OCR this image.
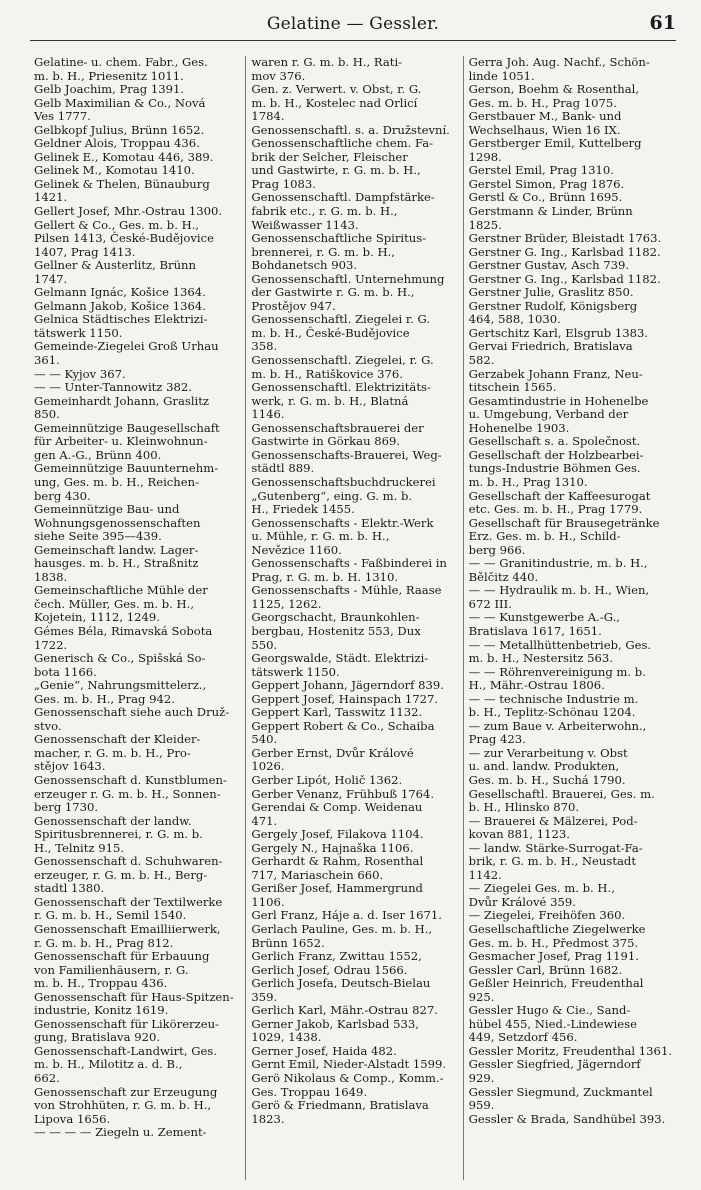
Gelatine — Gessler.	61
Gelatine- u. chem. Fabr., Ges.
m. b. H., Priesenitz 1011.
Gelb Joachim, Prag 1391.
Gelb Maximilian & Co., Nová
Ves 1777.
Gelbkopf Julius, Brünn 1652.
Geldner Alois, Troppau 436.
Gelinek E., Komotau 446, 389.
Gelinek M., Komotau 1410.
Gelinek & Thelen, Bünauburg
1421.
Gellert Josef, Mhr.-Ostrau 1300.
Gellert & Co., Ges. m. b. H.,
Pilsen 1413, České-Budějovice
1407, Prag 1413.
Gellner & Austerlitz, Brünn
1747.
Gelmann Ignác, Košice 1364.
Gelmann Jakob, Košice 1364.
Gelnica Städtisches Elektrizi-
tätswerk 1150.
Gemeinde-Ziegelei Groß Urhau
361.
— — Kyjov 367.
— — Unter-Tannowitz 382.
Gemeinhardt Johann, Graslitz
850.
Gemeinnützige Baugesellschaft
für Arbeiter- u. Kleinwohnun-
gen A.-G., Brünn 400.
Gemeinnützige Bauunternehm-
ung, Ges. m. b. H., Reichen-
berg 430.
Gemeinnützige Bau- und
Wohnungsgenossenschaften
siehe Seite 395—439.
Gemeinschaft landw. Lager-
hausges. m. b. H., Straßnitz
1838.
Gemeinschaftliche Mühle der
čech. Müller, Ges. m. b. H.,
Kojetein, 1112, 1249.
Gémes Béla, Rimavská Sobota
1722.
Generisch & Co., Spišská So-
bota 1166.
„Genie“, Nahrungsmittelerz.,
Ges. m. b. H., Prag 942.
Genossenschaft siehe auch Druž-
stvo.
Genossenschaft der Kleider-
macher, r. G. m. b. H., Pro-
stějov 1643.
Genossenschaft d. Kunstblumen-
erzeuger r. G. m. b. H., Sonnen-
berg 1730.
Genossenschaft der landw.
Spiritusbrennerei, r. G. m. b.
H., Telnitz 915.
Genossenschaft d. Schuhwaren-
erzeuger, r. G. m. b. H., Berg-
stadtl 1380.
Genossenschaft der Textilwerke
r. G. m. b. H., Semil 1540.
Genossenschaft Emailliierwerk,
r. G. m. b. H., Prag 812.
Genossenschaft für Erbauung
von Familienhäusern, r. G.
m. b. H., Troppau 436.
Genossenschaft für Haus-Spitzen-
industrie, Konitz 1619.
Genossenschaft für Likörerzeu-
gung, Bratislava 920.
Genossenschaft-Landwirt, Ges.
m. b. H., Milotitz a. d. B.,
662.
Genossenschaft zur Erzeugung
von Strohhüten, r. G. m. b. H.,
Lipova 1656.
— — — — Ziegeln u. Zement-
waren r. G. m. b. H., Rati-
mov 376.
Gen. z. Verwert. v. Obst, r. G.
m. b. H., Kostelec nad Orlicí
1784.
Genossenschaftl. s. a. Družstevní.
Genossenschaftliche chem. Fa-
brik der Selcher, Fleischer
und Gastwirte, r. G. m. b. H.,
Prag 1083.
Genossenschaftl. Dampfstärke-
fabrik etc., r. G. m. b. H.,
Weißwasser 1143.
Genossenschaftliche Spiritus-
brennerei, r. G. m. b. H.,
Bohdanetsch 903.
Genossenschaftl. Unternehmung
der Gastwirte r. G. m. b. H.,
Prostějov 947.
Genossenschaftl. Ziegelei r. G.
m. b. H., České-Budějovice
358.
Genossenschaftl. Ziegelei, r. G.
m. b. H., Ratiškovice 376.
Genossenschaftl. Elektrizitäts-
werk, r. G. m. b. H., Blatná
1146.
Genossenschaftsbrauerei der
Gastwirte in Görkau 869.
Genossenschafts-Brauerei, Weg-
städtl 889.
Genossenschaftsbuchdruckerei
„Gutenberg“, eing. G. m. b.
H., Friedek 1455.
Genossenschafts - Elektr.-Werk
u. Mühle, r. G. m. b. H.,
Nevězice 1160.
Genossenschafts - Faßbinderei in
Prag, r. G. m. b. H. 1310.
Genossenschafts - Mühle, Raase
1125, 1262.
Georgschacht, Braunkohlen-
bergbau, Hostenitz 553, Dux
550.
Georgswalde, Städt. Elektrizi-
tätswerk 1150.
Geppert Johann, Jägerndorf 839.
Geppert Josef, Hainspach 1727.
Geppert Karl, Tasswitz 1132.
Geppert Robert & Co., Schaiba
540.
Gerber Ernst, Dvůr Králové
1026.
Gerber Lipót, Holič 1362.
Gerber Venanz, Frühbuß 1764.
Gerendai & Comp. Weidenau
471.
Gergely Josef, Filakova 1104.
Gergely N., Hajnaška 1106.
Gerhardt & Rahm, Rosenthal
717, Mariaschein 660.
Gerißer Josef, Hammergrund
1106.
Gerl Franz, Háje a. d. Iser 1671.
Gerlach Pauline, Ges. m. b. H.,
Brünn 1652.
Gerlich Franz, Zwittau 1552,
Gerlich Josef, Odrau 1566.
Gerlich Josefa, Deutsch-Bielau
359.
Gerlich Karl, Mähr.-Ostrau 827.
Gerner Jakob, Karlsbad 533,
1029, 1438.
Gerner Josef, Haida 482.
Gernt Emil, Nieder-Alstadt 1599.
Gerö Nikolaus & Comp., Komm.-
Ges. Troppau 1649.
Gerö & Friedmann, Bratislava
1823.
Gerra Joh. Aug. Nachf., Schön-
linde 1051.
Gerson, Boehm & Rosenthal,
Ges. m. b. H., Prag 1075.
Gerstbauer M., Bank- und
Wechselhaus, Wien 16 IX.
Gerstberger Emil, Kuttelberg
1298.
Gerstel Emil, Prag 1310.
Gerstel Simon, Prag 1876.
Gerstl & Co., Brünn 1695.
Gerstmann & Linder, Brünn
1825.
Gerstner Brüder, Bleistadt 1763.
Gerstner G. Ing., Karlsbad 1182.
Gerstner Gustav, Asch 739.
Gerstner G. Ing., Karlsbad 1182.
Gerstner Julie, Graslitz 850.
Gerstner Rudolf, Königsberg
464, 588, 1030.
Gertschitz Karl, Elsgrub 1383.
Gervai Friedrich, Bratislava
582.
Gerzabek Johann Franz, Neu-
titschein 1565.
Gesamtindustrie in Hohenelbe
u. Umgebung, Verband der
Hohenelbe 1903.
Gesellschaft s. a. Společnost.
Gesellschaft der Holzbearbei-
tungs-Industrie Böhmen Ges.
m. b. H., Prag 1310.
Gesellschaft der Kaffeesurogat
etc. Ges. m. b. H., Prag 1779.
Gesellschaft für Brausegetränke
Erz. Ges. m. b. H., Schild-
berg 966.
— — Granitindustrie, m. b. H.,
Bělčitz 440.
— — Hydraulik m. b. H., Wien,
672 III.
— — Kunstgewerbe A.-G.,
Bratislava 1617, 1651.
— — Metallhüttenbetrieb, Ges.
m. b. H., Nestersitz 563.
— — Röhrenvereinigung m. b.
H., Mähr.-Ostrau 1806.
— — technische Industrie m.
b. H., Teplitz-Schönau 1204.
— zum Baue v. Arbeiterwohn.,
Prag 423.
— zur Verarbeitung v. Obst
u. and. landw. Produkten,
Ges. m. b. H., Suchá 1790.
Gesellschaftl. Brauerei, Ges. m.
b. H., Hlinsko 870.
— Brauerei & Mälzerei, Pod-
kovan 881, 1123.
— landw. Stärke-Surrogat-Fa-
brik, r. G. m. b. H., Neustadt
1142.
— Ziegelei Ges. m. b. H.,
Dvůr Králové 359.
— Ziegelei, Freihöfen 360.
Gesellschaftliche Ziegelwerke
Ges. m. b. H., Předmost 375.
Gesmacher Josef, Prag 1191.
Gessler Carl, Brünn 1682.
Geßler Heinrich, Freudenthal
925.
Gessler Hugo & Cie., Sand-
hübel 455, Nied.-Lindewiese
449, Setzdorf 456.
Gessler Moritz, Freudenthal 1361.
Gessler Siegfried, Jägerndorf
929.
Gessler Siegmund, Zuckmantel
959.
Gessler & Brada, Sandhübel 393.
